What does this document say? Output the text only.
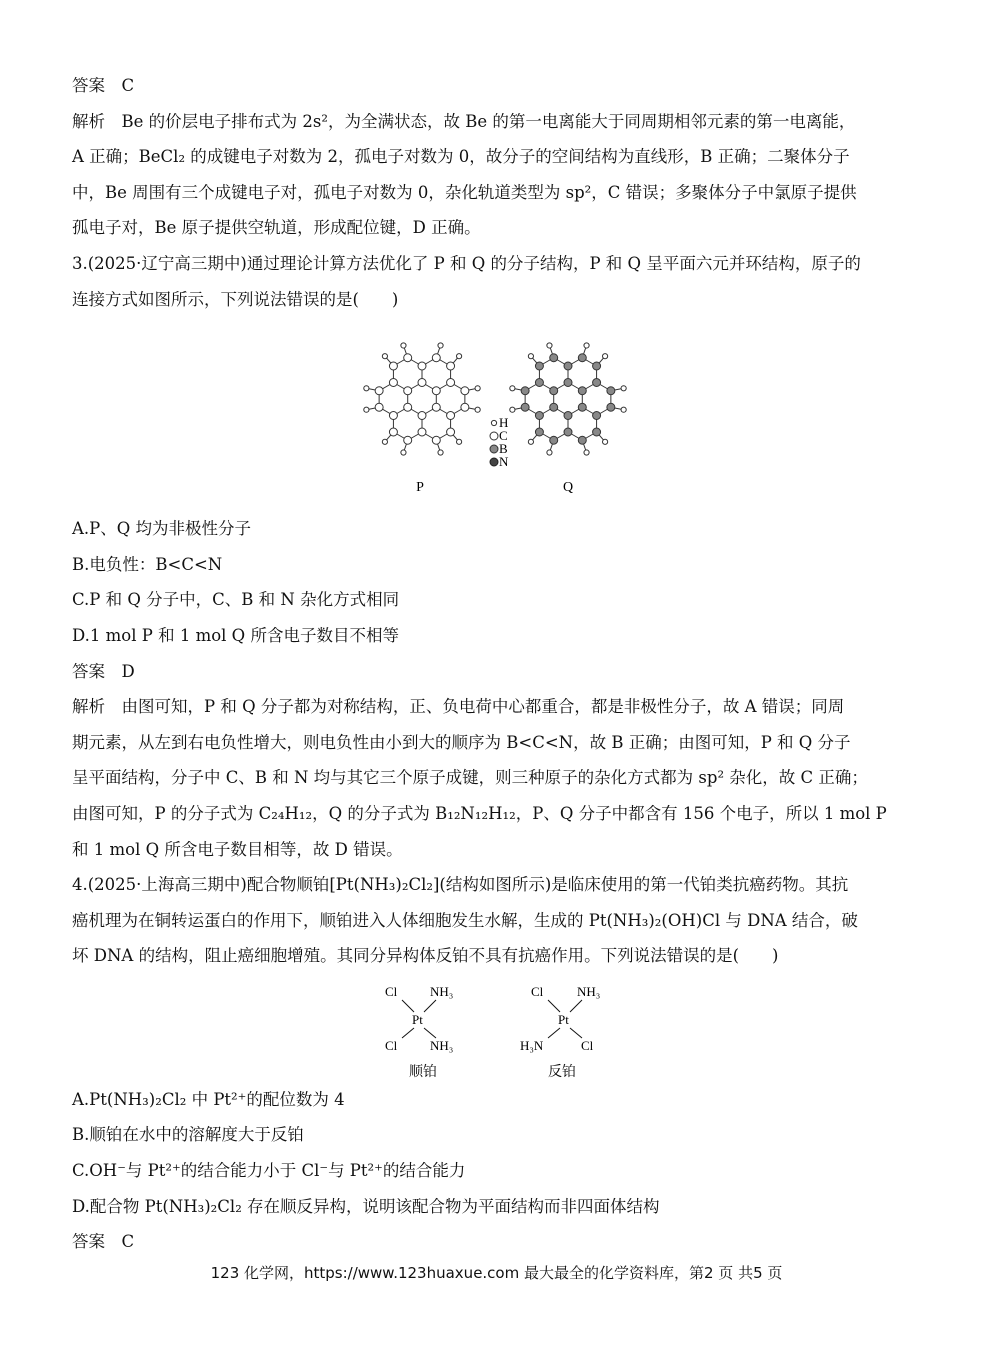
答案　C

解析　Be 的价层电子排布式为 2s²，为全满状态，故 Be 的第一电离能大于同周期相邻元素的第一电离能，

A 正确；BeCl₂ 的成键电子对数为 2，孤电子对数为 0，故分子的空间结构为直线形，B 正确；二聚体分子

中，Be 周围有三个成键电子对，孤电子对数为 0，杂化轨道类型为 sp²，C 错误；多聚体分子中氯原子提供

孤电子对，Be 原子提供空轨道，形成配位键，D 正确。

3.(2025·辽宁高三期中)通过理论计算方法优化了 P 和 Q 的分子结构，P 和 Q 呈平面六元并环结构，原子的

连接方式如图所示，下列说法错误的是(　　)

H
C
B
N
P	Q

A.P、Q 均为非极性分子

B.电负性：B<C<N

C.P 和 Q 分子中，C、B 和 N 杂化方式相同

D.1 mol P 和 1 mol Q 所含电子数目不相等

答案　D

解析　由图可知，P 和 Q 分子都为对称结构，正、负电荷中心都重合，都是非极性分子，故 A 错误；同周

期元素，从左到右电负性增大，则电负性由小到大的顺序为 B<C<N，故 B 正确；由图可知，P 和 Q 分子

呈平面结构，分子中 C、B 和 N 均与其它三个原子成键，则三种原子的杂化方式都为 sp² 杂化，故 C 正确；

由图可知，P 的分子式为 C₂₄H₁₂，Q 的分子式为 B₁₂N₁₂H₁₂，P、Q 分子中都含有 156 个电子，所以 1 mol P

和 1 mol Q 所含电子数目相等，故 D 错误。

4.(2025·上海高三期中)配合物顺铂[Pt(NH₃)₂Cl₂](结构如图所示)是临床使用的第一代铂类抗癌药物。其抗

癌机理为在铜转运蛋白的作用下，顺铂进入人体细胞发生水解，生成的 Pt(NH₃)₂(OH)Cl 与 DNA 结合，破

坏 DNA 的结构，阻止癌细胞增殖。其同分异构体反铂不具有抗癌作用。下列说法错误的是(　　)

Cl	NH₃
Pt
Cl	NH₃
顺铂
Cl	NH₃
Pt
H₃N	Cl
反铂

A.Pt(NH₃)₂Cl₂ 中 Pt²⁺的配位数为 4

B.顺铂在水中的溶解度大于反铂

C.OH⁻与 Pt²⁺的结合能力小于 Cl⁻与 Pt²⁺的结合能力

D.配合物 Pt(NH₃)₂Cl₂ 存在顺反异构，说明该配合物为平面结构而非四面体结构

答案　C

123 化学网，https://www.123huaxue.com 最大最全的化学资料库，第2 页 共5 页
